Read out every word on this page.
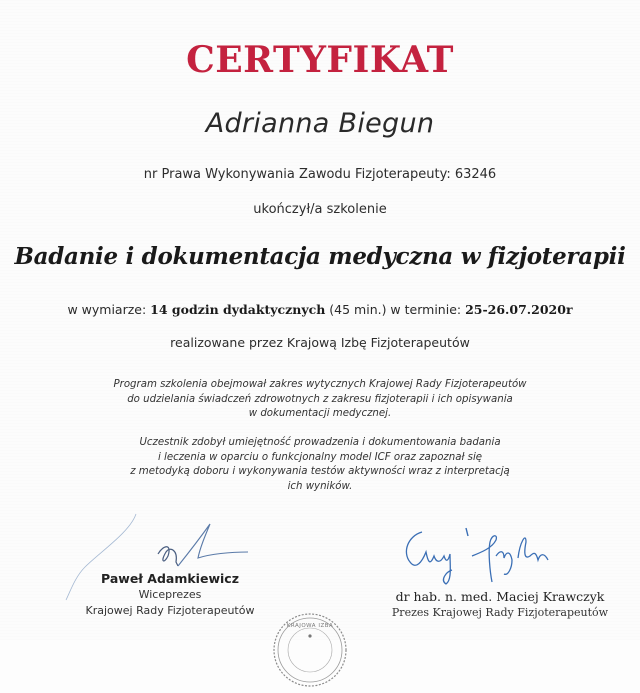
CERTYFIKAT
Adrianna Biegun
nr Prawa Wykonywania Zawodu Fizjoterapeuty: 63246
ukończył/a szkolenie
Badanie i dokumentacja medyczna w fizjoterapii
w wymiarze: 14 godzin dydaktycznych (45 min.) w terminie: 25-26.07.2020r
realizowane przez Krajową Izbę Fizjoterapeutów
Program szkolenia obejmował zakres wytycznych Krajowej Rady Fizjoterapeutów
do udzielania świadczeń zdrowotnych z zakresu fizjoterapii i ich opisywania
w dokumentacji medycznej.
Uczestnik zdobył umiejętność prowadzenia i dokumentowania badania
i leczenia w oparciu o funkcjonalny model ICF oraz zapoznał się
z metodyką doboru i wykonywania testów aktywności wraz z interpretacją
ich wyników.
Paweł Adamkiewicz
Wiceprezes
Krajowej Rady Fizjoterapeutów
dr hab. n. med. Maciej Krawczyk
Prezes Krajowej Rady Fizjoterapeutów
KRAJOWA IZBA
